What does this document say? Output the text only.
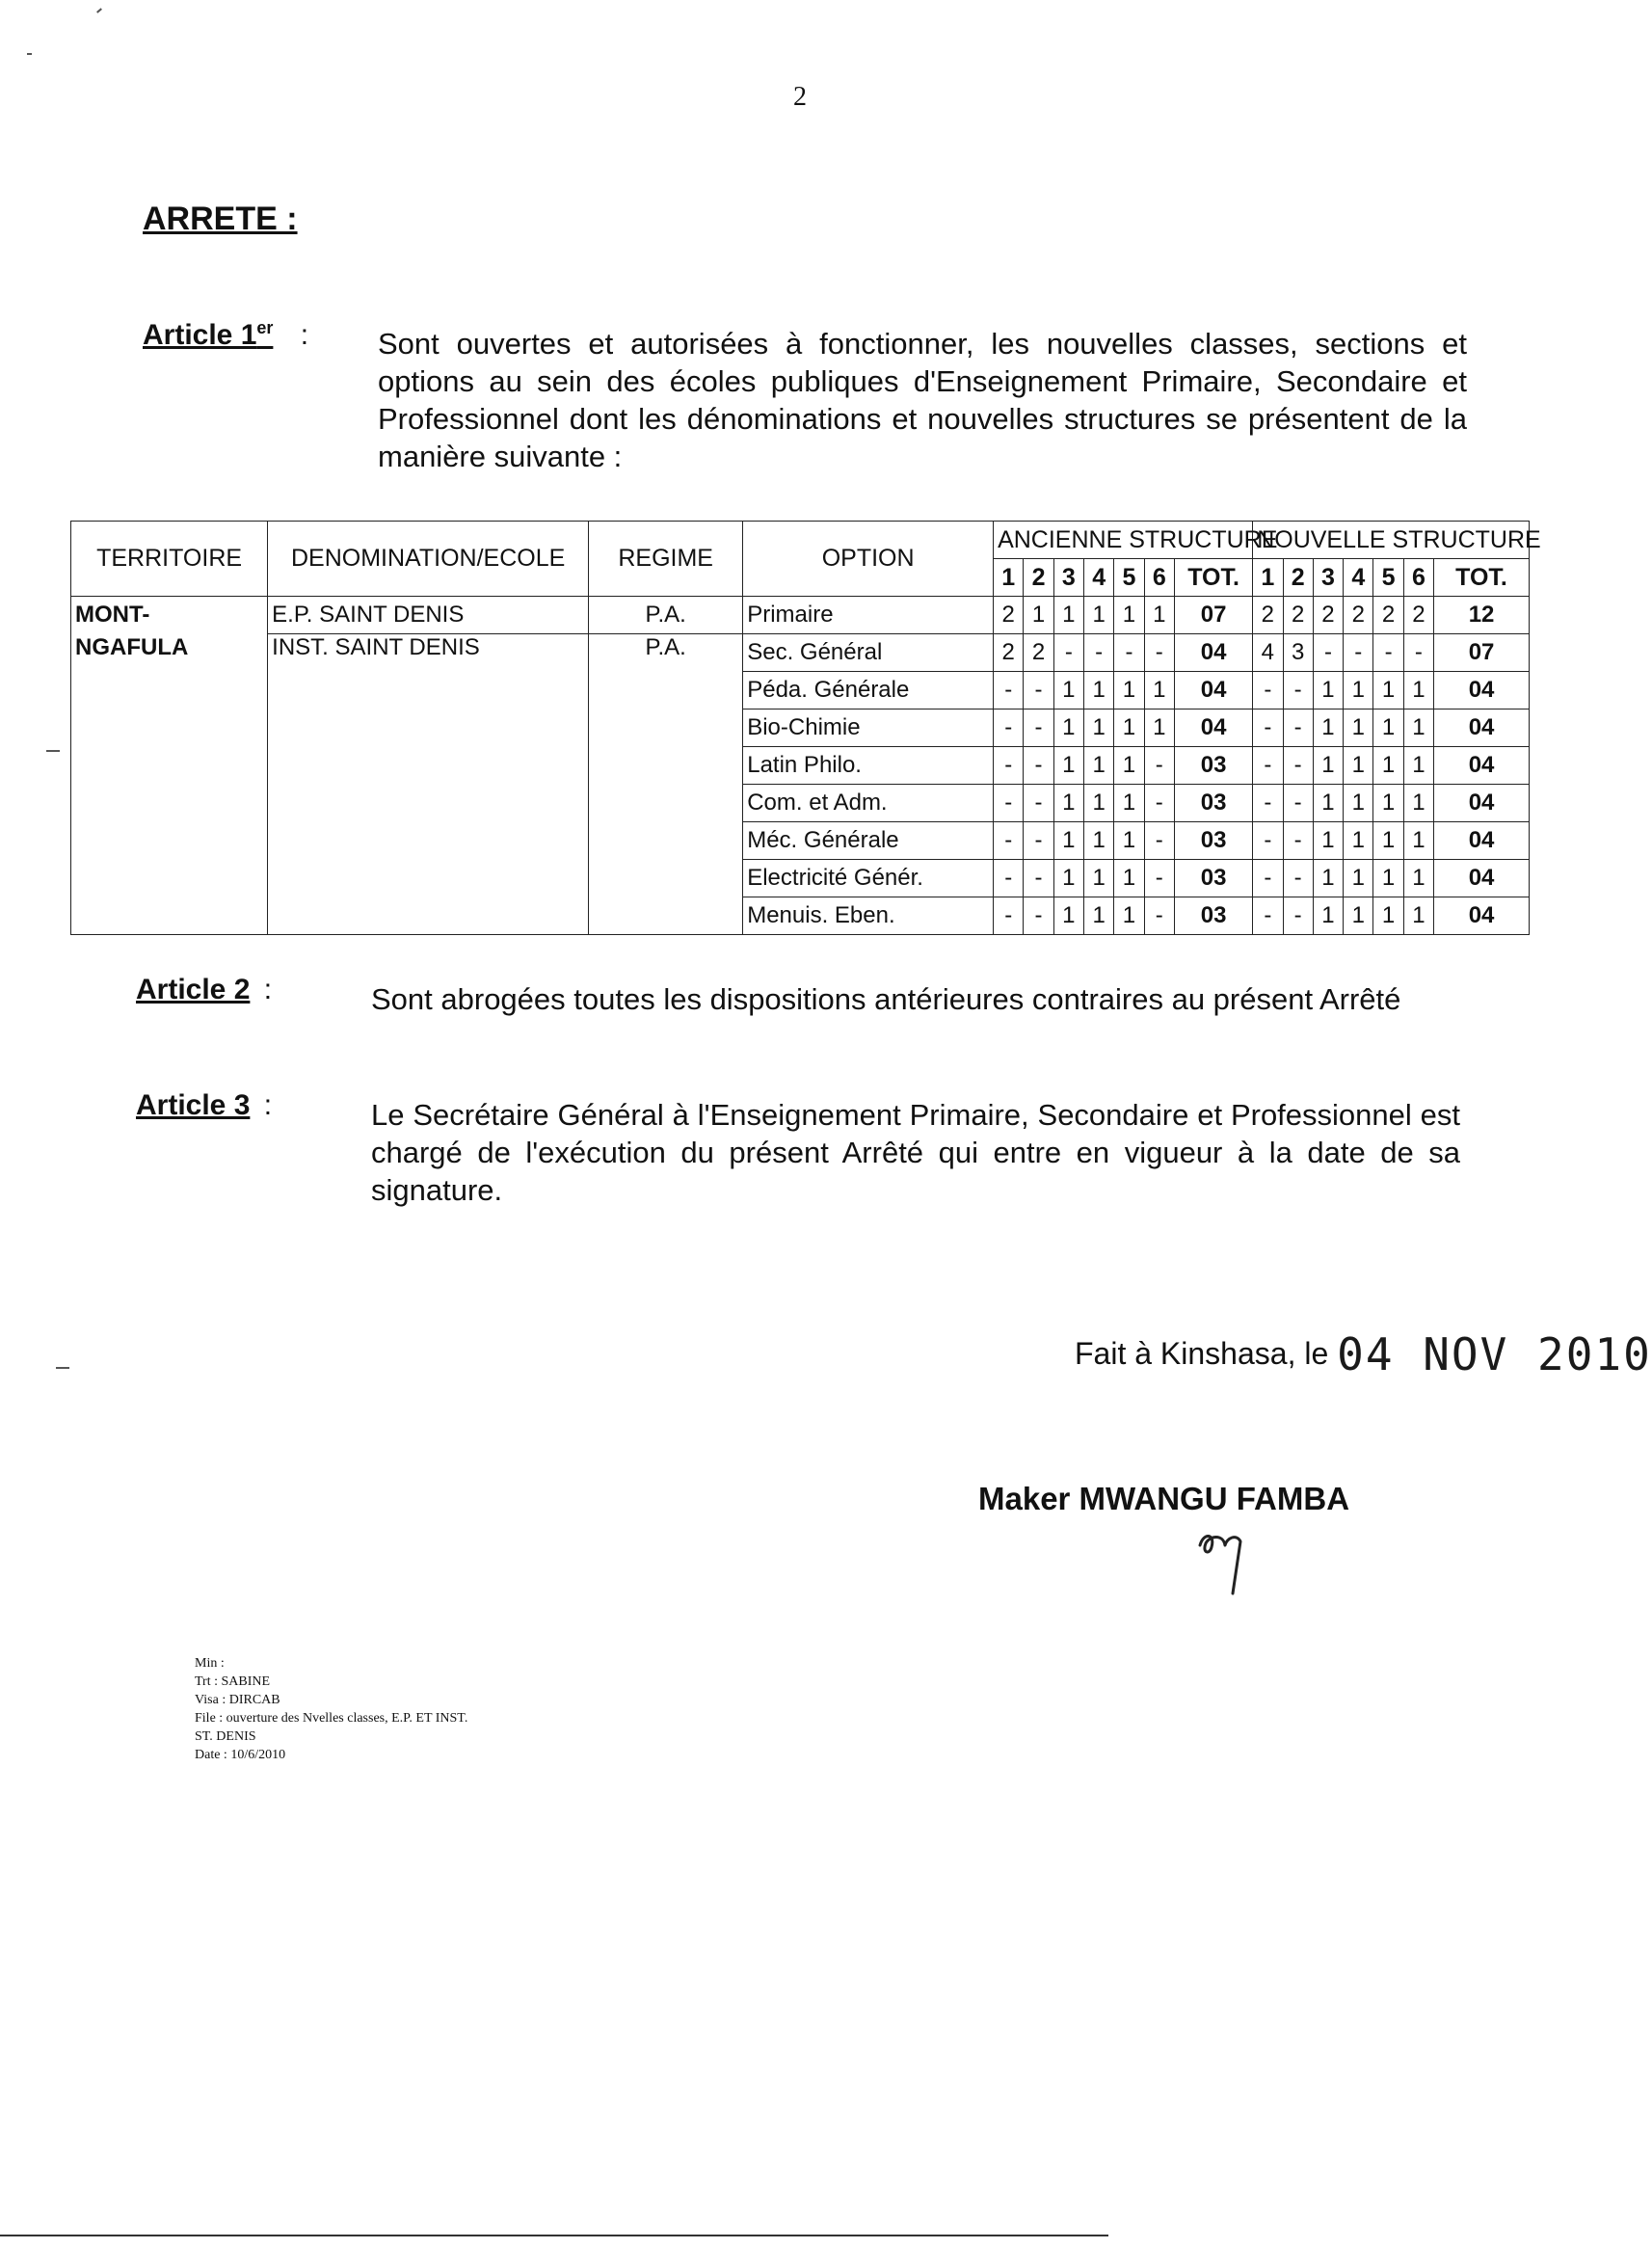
2
ARRETE :
Article 1er : Sont ouvertes et autorisées à fonctionner, les nouvelles classes, sections et options au sein des écoles publiques d'Enseignement Primaire, Secondaire et Professionnel dont les dénominations et nouvelles structures se présentent de la manière suivante :

TERRITOIRE	DENOMINATION/ECOLE	REGIME	OPTION	ANCIENNE STRUCTURE							NOUVELLE STRUCTURE						
				1	2	3	4	5	6	TOT.	1	2	3	4	5	6	TOT.
MONT-	E.P. SAINT DENIS	P.A.	Primaire	2	1	1	1	1	1	07	2	2	2	2	2	2	12
NGAFULA	INST. SAINT DENIS	P.A.	Sec. Général	2	2	-	-	-	-	04	4	3	-	-	-	-	07
			Péda. Générale	-	-	1	1	1	1	04	-	-	1	1	1	1	04
			Bio-Chimie	-	-	1	1	1	1	04	-	-	1	1	1	1	04
			Latin Philo.	-	-	1	1	1	-	03	-	-	1	1	1	1	04
			Com. et Adm.	-	-	1	1	1	-	03	-	-	1	1	1	1	04
			Méc. Générale	-	-	1	1	1	-	03	-	-	1	1	1	1	04
			Electricité Génér.	-	-	1	1	1	-	03	-	-	1	1	1	1	04
			Menuis. Eben.	-	-	1	1	1	-	03	-	-	1	1	1	1	04
Article 2 :	Sont abrogées toutes les dispositions antérieures contraires au présent Arrêté

Article 3 :	Le Secrétaire Général à l'Enseignement Primaire, Secondaire et Professionnel est chargé de l'exécution du présent Arrêté qui entre en vigueur à la date de sa signature.

Fait à Kinshasa, le 04 NOV 2010
Maker MWANGU FAMBA
Min :
Trt : SABINE
Visa : DIRCAB
File : ouverture des Nvelles classes, E.P. ET INST.
ST. DENIS
Date : 10/6/2010
